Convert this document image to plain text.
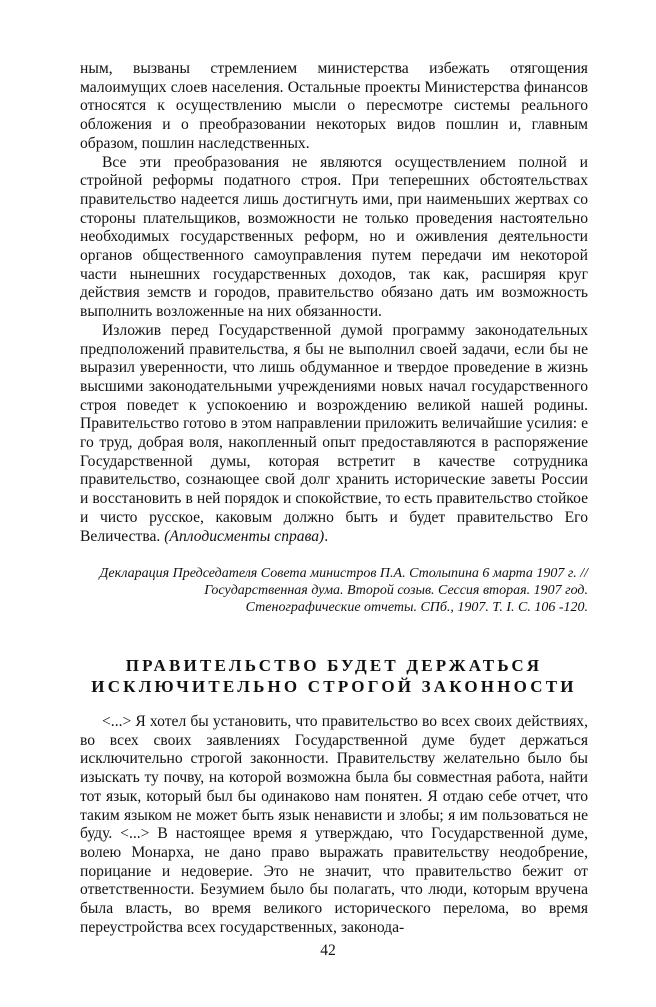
ным, вызваны стремлением министерства избежать отягощения малоимущих слоев населения. Остальные проекты Министерства финансов относятся к осуществлению мысли о пересмотре системы реального обложения и о преобразовании некоторых видов пошлин и, главным образом, пошлин наследственных.

Все эти преобразования не являются осуществлением полной и стройной реформы податного строя. При теперешних обстоятельствах правительство надеется лишь достигнуть ими, при наименьших жертвах со стороны плательщиков, возможности не только проведения настоятельно необходимых государственных реформ, но и оживления деятельности органов общественного самоуправления путем передачи им некоторой части нынешних государственных доходов, так как, расширяя круг действия земств и городов, правительство обязано дать им возможность выполнить возложенные на них обязанности.

Изложив перед Государственной думой программу законодательных предположений правительства, я бы не выполнил своей задачи, если бы не выразил уверенности, что лишь обдуманное и твердое проведение в жизнь высшими законодательными учреждениями новых начал государственного строя поведет к успокоению и возрождению великой нашей родины. Правительство готово в этом направлении приложить величайшие усилия: е го труд, добрая воля, накопленный опыт предоставляются в распоряжение Государственной думы, которая встретит в качестве сотрудника правительство, сознающее свой долг хранить исторические заветы России и восстановить в ней порядок и спокойствие, то есть правительство стойкое и чисто русское, каковым должно быть и будет правительство Его Величества. (Аплодисменты справа).

Декларация Председателя Совета министров П.А. Столыпина 6 марта 1907 г. //
Государственная дума. Второй созыв. Сессия вторая. 1907 год.
Стенографические отчеты. СПб., 1907. Т. I. С. 106 -120.
ПРАВИТЕЛЬСТВО БУДЕТ ДЕРЖАТЬСЯ
ИСКЛЮЧИТЕЛЬНО СТРОГОЙ ЗАКОННОСТИ

<...> Я хотел бы установить, что правительство во всех своих действиях, во всех своих заявлениях Государственной думе будет держаться исключительно строгой законности. Правительству желательно было бы изыскать ту почву, на которой возможна была бы совместная работа, найти тот язык, который был бы одинаково нам понятен. Я отдаю себе отчет, что таким языком не может быть язык ненависти и злобы; я им пользоваться не буду. <...> В настоящее время я утверждаю, что Государственной думе, волею Монарха, не дано право выражать правительству неодобрение, порицание и недоверие. Это не значит, что правительство бежит от ответственности. Безумием было бы полагать, что люди, которым вручена была власть, во время великого исторического перелома, во время переустройства всех государственных, законода-

42
